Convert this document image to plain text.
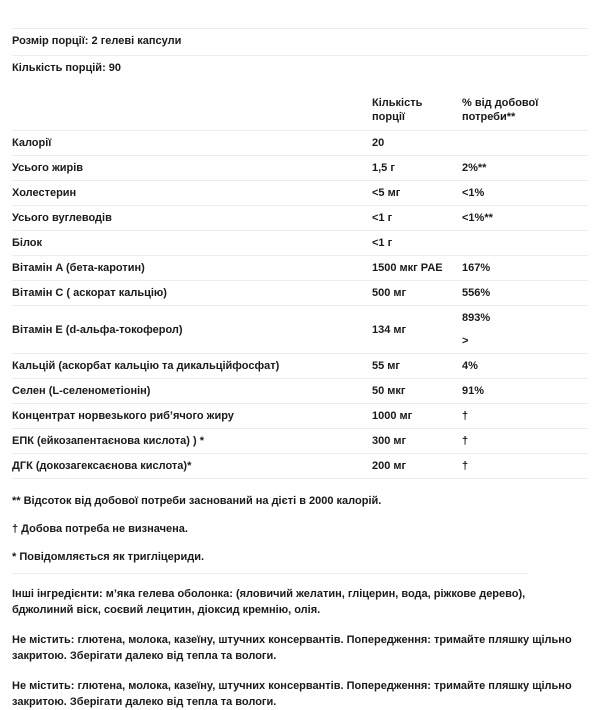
Розмір порції: 2 гелеві капсули
Кількість порцій: 90
	Кількість порції	% від добової потреби**
Калорії	20	
Усього жирів	1,5 г	2%**
Холестерин	<5 мг	<1%
Усього вуглеводів	<1 г	<1%**
Білок	<1 г	
Вітамін A (бета-каротин)	1500 мкг PAE	167%
Вітамін C ( аскорат кальцію)	500 мг	556%
Вітамін E (d-альфа-токоферол)	134 мг	893%
>

Кальцій (аскорбат кальцію та дикальційфосфат)	55 мг	4%
Селен (L-селенометіонін)	50 мкг	91%
Концентрат норвезького риб’ячого жиру	1000 мг	†
ЕПК (ейкозапентаєнова кислота) ) *	300 мг	†
ДГК (докозагексаєнова кислота)*	200 мг	†
** Відсоток від добової потреби заснований на дієті в 2000 калорій.
† Добова потреба не визначена.
* Повідомляється як тригліцериди.
Інші інгредієнти: м’яка гелева оболонка: (яловичий желатин, гліцерин, вода, ріжкове дерево), бджолиний віск, соєвий лецитин, діоксид кремнію, олія.
Не містить: глютена, молока, казеїну, штучних консервантів. Попередження: тримайте пляшку щільно закритою. Зберігати далеко від тепла та вологи.
Не містить: глютена, молока, казеїну, штучних консервантів. Попередження: тримайте пляшку щільно закритою. Зберігати далеко від тепла та вологи.
